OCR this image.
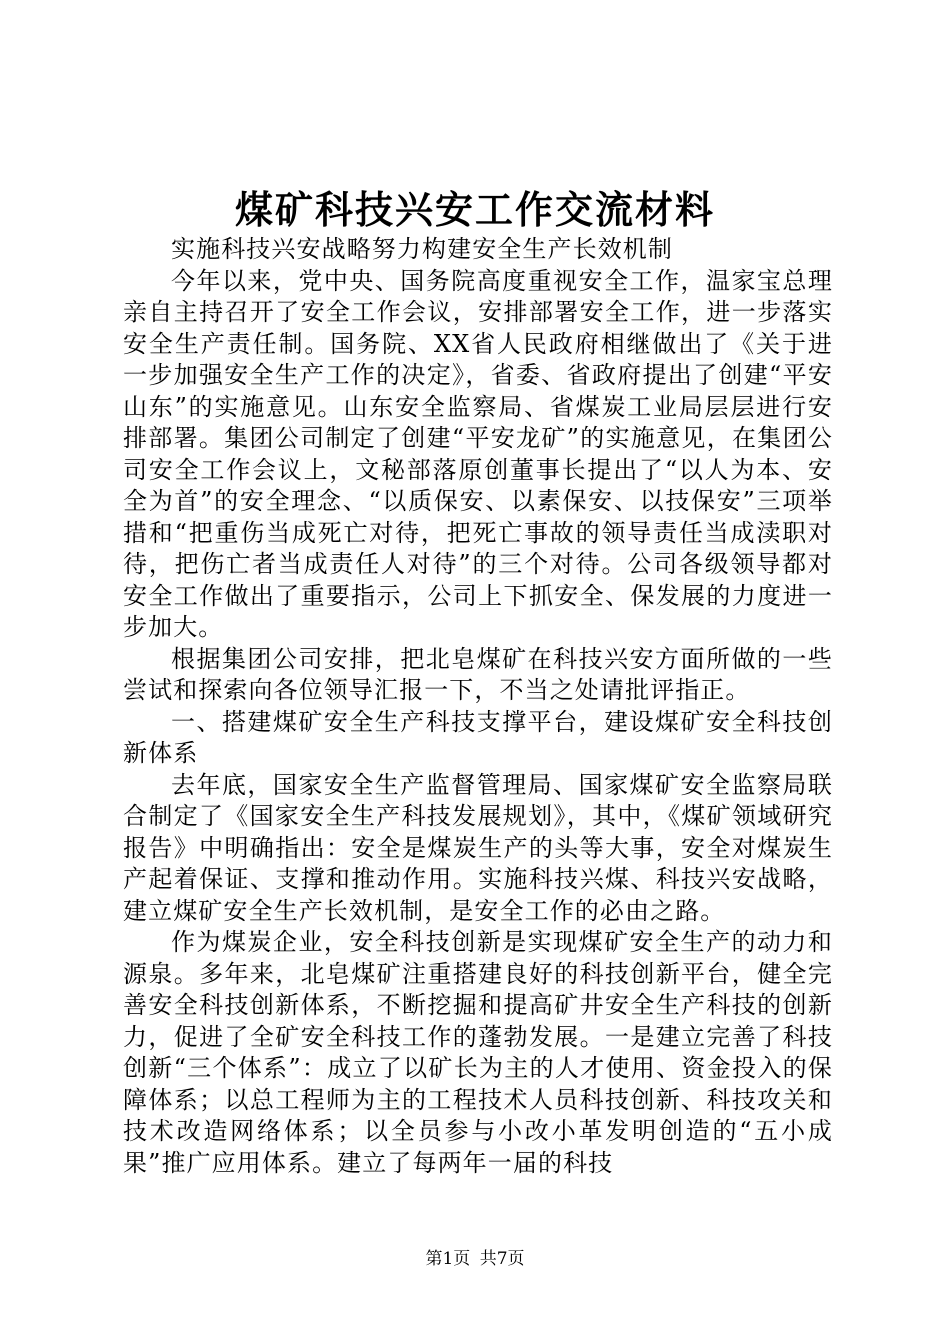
煤矿科技兴安工作交流材料

实施科技兴安战略努力构建安全生产长效机制

今年以来，党中央、国务院高度重视安全工作，温家宝总理亲自主持召开了安全工作会议，安排部署安全工作，进一步落实安全生产责任制。国务院、XX省人民政府相继做出了《关于进一步加强安全生产工作的决定》，省委、省政府提出了创建“平安山东”的实施意见。山东安全监察局、省煤炭工业局层层进行安排部署。集团公司制定了创建“平安龙矿”的实施意见，在集团公司安全工作会议上，文秘部落原创董事长提出了“以人为本、安全为首”的安全理念、“以质保安、以素保安、以技保安”三项举措和“把重伤当成死亡对待，把死亡事故的领导责任当成渎职对待，把伤亡者当成责任人对待”的三个对待。公司各级领导都对安全工作做出了重要指示，公司上下抓安全、保发展的力度进一步加大。

根据集团公司安排，把北皂煤矿在科技兴安方面所做的一些尝试和探索向各位领导汇报一下，不当之处请批评指正。

一、搭建煤矿安全生产科技支撑平台，建设煤矿安全科技创新体系

去年底，国家安全生产监督管理局、国家煤矿安全监察局联合制定了《国家安全生产科技发展规划》，其中，《煤矿领域研究报告》中明确指出：安全是煤炭生产的头等大事，安全对煤炭生产起着保证、支撑和推动作用。实施科技兴煤、科技兴安战略，建立煤矿安全生产长效机制，是安全工作的必由之路。

作为煤炭企业，安全科技创新是实现煤矿安全生产的动力和源泉。多年来，北皂煤矿注重搭建良好的科技创新平台，健全完善安全科技创新体系，不断挖掘和提高矿井安全生产科技的创新力，促进了全矿安全科技工作的蓬勃发展。一是建立完善了科技创新“三个体系”：成立了以矿长为主的人才使用、资金投入的保障体系；以总工程师为主的工程技术人员科技创新、科技攻关和技术改造网络体系；以全员参与小改小革发明创造的“五小成果”推广应用体系。建立了每两年一届的科技

第1页 共7页
